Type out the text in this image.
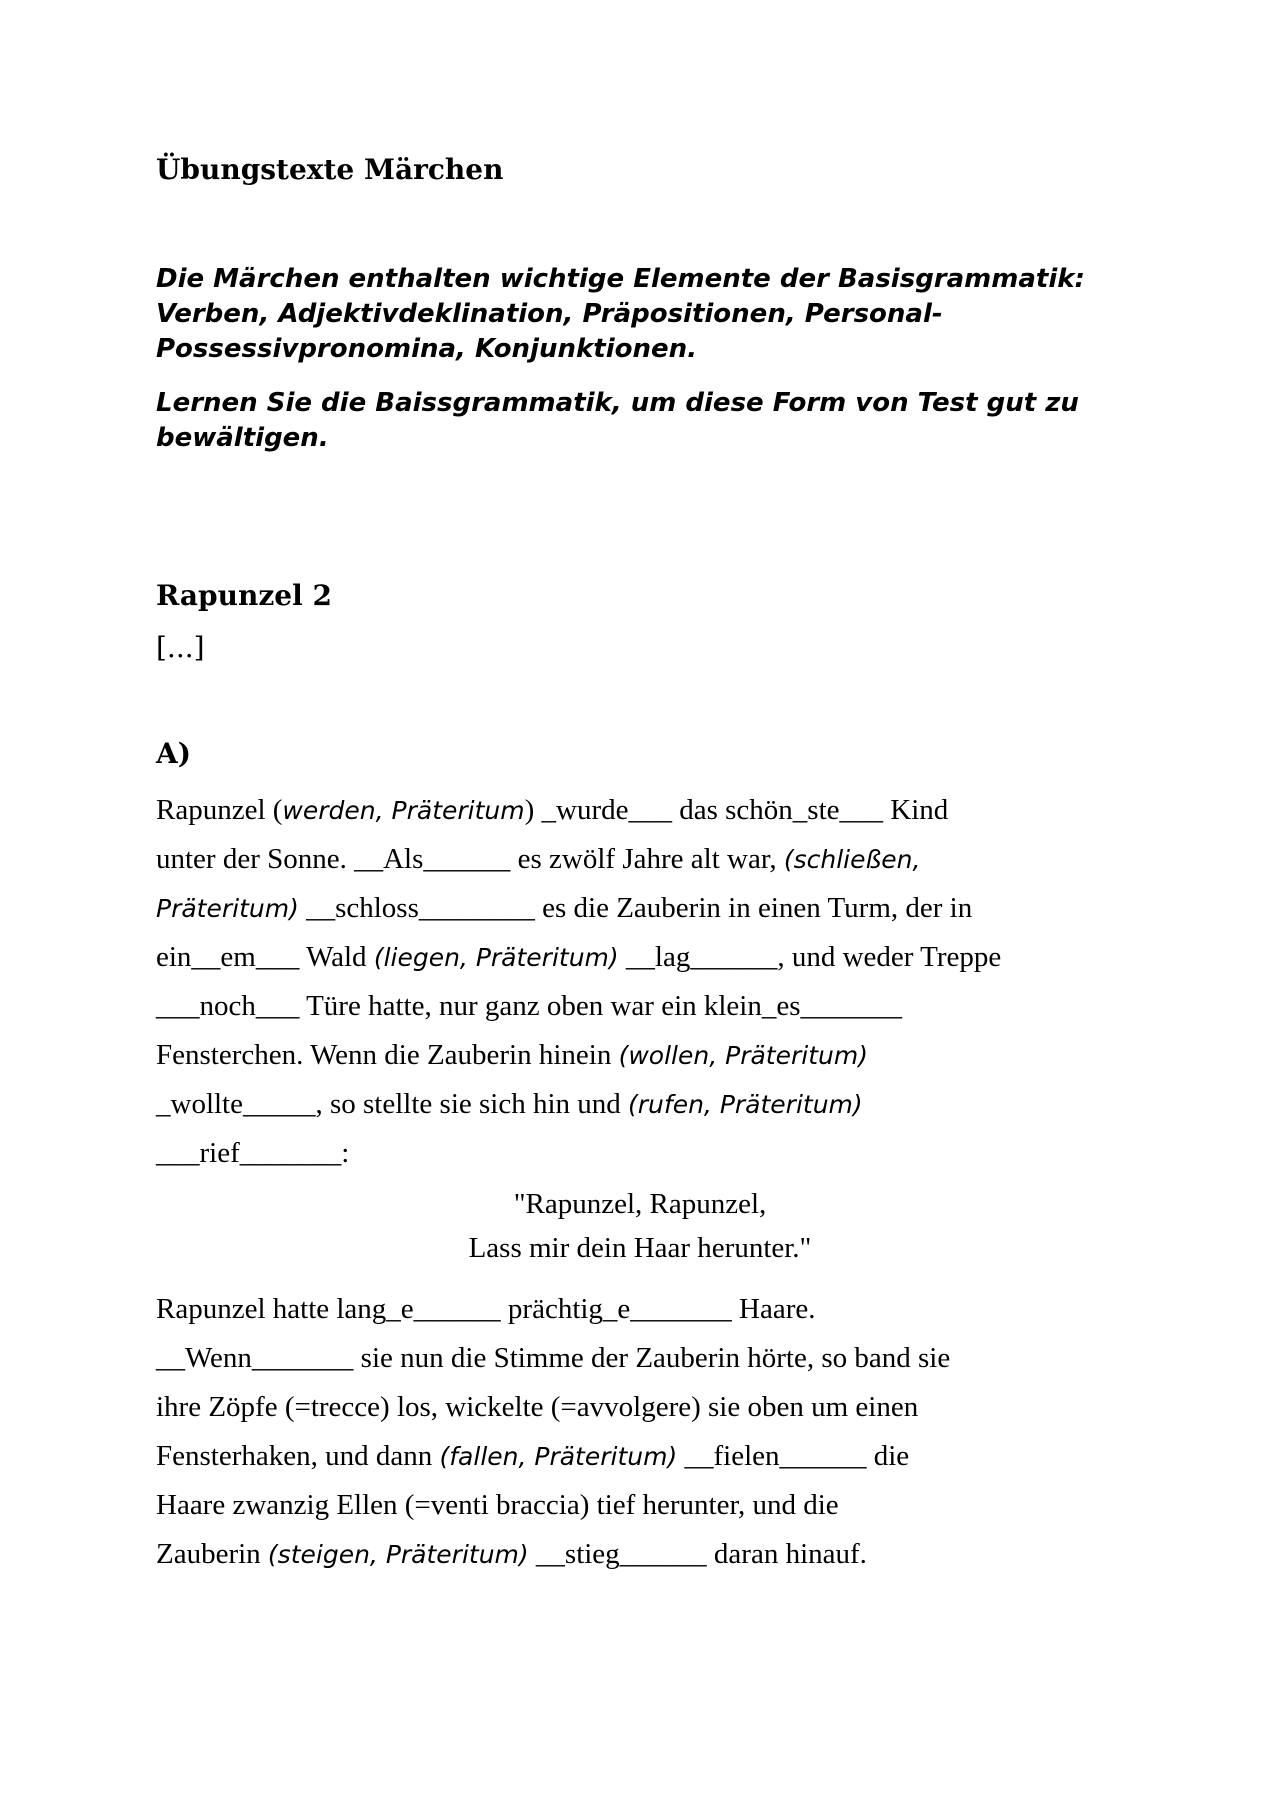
Übungstexte Märchen

Die Märchen enthalten wichtige Elemente der Basisgrammatik: Verben, Adjektivdeklination, Präpositionen, Personal-Possessivpronomina, Konjunktionen.

Lernen Sie die Baissgrammatik, um diese Form von Test gut zu bewältigen.

Rapunzel 2
[...]
A)
Rapunzel (werden, Präteritum) _wurde___ das schön_ste___ Kind
unter der Sonne. __Als______ es zwölf Jahre alt war, (schließen,
Präteritum) __schloss________ es die Zauberin in einen Turm, der in
ein__em___ Wald (liegen, Präteritum) __lag______, und weder Treppe
___noch___ Türe hatte, nur ganz oben war ein klein_es_______
Fensterchen. Wenn die Zauberin hinein (wollen, Präteritum)
_wollte_____, so stellte sie sich hin und (rufen, Präteritum)
___rief_______:
"Rapunzel, Rapunzel,
Lass mir dein Haar herunter."
Rapunzel hatte lang_e______ prächtig_e_______ Haare.
__Wenn_______ sie nun die Stimme der Zauberin hörte, so band sie
ihre Zöpfe (=trecce) los, wickelte (=avvolgere) sie oben um einen
Fensterhaken, und dann (fallen, Präteritum) __fielen______ die
Haare zwanzig Ellen (=venti braccia) tief herunter, und die
Zauberin (steigen, Präteritum) __stieg______ daran hinauf.
